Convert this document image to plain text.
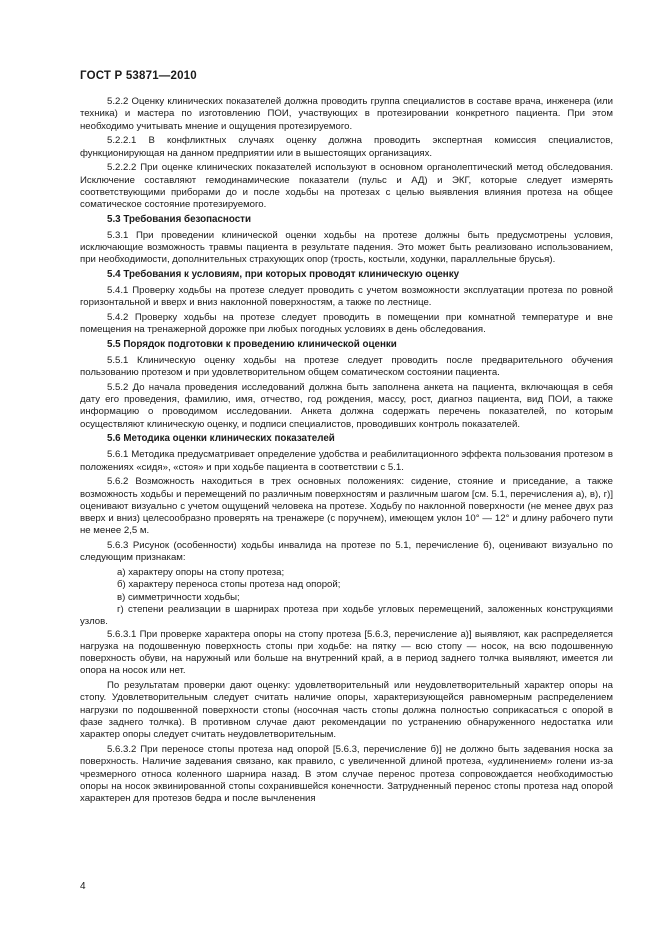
ГОСТ Р 53871—2010

5.2.2 Оценку клинических показателей должна проводить группа специалистов в составе врача, инженера (или техника) и мастера по изготовлению ПОИ, участвующих в протезировании конкретного пациента. При этом необходимо учитывать мнение и ощущения протезируемого.

5.2.2.1 В конфликтных случаях оценку должна проводить экспертная комиссия специалистов, функционирующая на данном предприятии или в вышестоящих организациях.

5.2.2.2 При оценке клинических показателей используют в основном органолептический метод обследования. Исключение составляют гемодинамические показатели (пульс и АД) и ЭКГ, которые следует измерять соответствующими приборами до и после ходьбы на протезах с целью выявления влияния протеза на общее соматическое состояние протезируемого.

5.3 Требования безопасности

5.3.1 При проведении клинической оценки ходьбы на протезе должны быть предусмотрены условия, исключающие возможность травмы пациента в результате падения. Это может быть реализовано использованием, при необходимости, дополнительных страхующих опор (трость, костыли, ходунки, параллельные брусья).

5.4 Требования к условиям, при которых проводят клиническую оценку

5.4.1 Проверку ходьбы на протезе следует проводить с учетом возможности эксплуатации протеза по ровной горизонтальной и вверх и вниз наклонной поверхностям, а также по лестнице.

5.4.2 Проверку ходьбы на протезе следует проводить в помещении при комнатной температуре и вне помещения на тренажерной дорожке при любых погодных условиях в день обследования.

5.5 Порядок подготовки к проведению клинической оценки

5.5.1 Клиническую оценку ходьбы на протезе следует проводить после предварительного обучения пользованию протезом и при удовлетворительном общем соматическом состоянии пациента.

5.5.2 До начала проведения исследований должна быть заполнена анкета на пациента, включающая в себя дату его проведения, фамилию, имя, отчество, год рождения, массу, рост, диагноз пациента, вид ПОИ, а также информацию о проводимом исследовании. Анкета должна содержать перечень показателей, по которым осуществляют клиническую оценку, и подписи специалистов, проводивших контроль показателей.

5.6 Методика оценки клинических показателей

5.6.1 Методика предусматривает определение удобства и реабилитационного эффекта пользования протезом в положениях «сидя», «стоя» и при ходьбе пациента в соответствии с 5.1.

5.6.2 Возможность находиться в трех основных положениях: сидение, стояние и приседание, а также возможность ходьбы и перемещений по различным поверхностям и различным шагом [см. 5.1, перечисления а), в), г)] оценивают визуально с учетом ощущений человека на протезе. Ходьбу по наклонной поверхности (не менее двух раз вверх и вниз) целесообразно проверять на тренажере (с поручнем), имеющем уклон 10° — 12° и длину рабочего пути не менее 2,5 м.

5.6.3 Рисунок (особенности) ходьбы инвалида на протезе по 5.1, перечисление б), оценивают визуально по следующим признакам:

а) характеру опоры на стопу протеза;

б) характеру переноса стопы протеза над опорой;

в) симметричности ходьбы;

г) степени реализации в шарнирах протеза при ходьбе угловых перемещений, заложенных конструкциями узлов.

5.6.3.1 При проверке характера опоры на стопу протеза [5.6.3, перечисление а)] выявляют, как распределяется нагрузка на подошвенную поверхность стопы при ходьбе: на пятку — всю стопу — носок, на всю подошвенную поверхность обуви, на наружный или больше на внутренний край, а в период заднего толчка выявляют, имеется ли опора на носок или нет.

По результатам проверки дают оценку: удовлетворительный или неудовлетворительный характер опоры на стопу. Удовлетворительным следует считать наличие опоры, характеризующейся равномерным распределением нагрузки по подошвенной поверхности стопы (носочная часть стопы должна полностью соприкасаться с опорой в фазе заднего толчка). В противном случае дают рекомендации по устранению обнаруженного недостатка или характер опоры следует считать неудовлетворительным.

5.6.3.2 При переносе стопы протеза над опорой [5.6.3, перечисление б)] не должно быть задевания носка за поверхность. Наличие задевания связано, как правило, с увеличенной длиной протеза, «удлинением» голени из-за чрезмерного относа коленного шарнира назад. В этом случае перенос протеза сопровождается необходимостью опоры на носок эквинированной стопы сохранившейся конечности. Затрудненный перенос стопы протеза над опорой характерен для протезов бедра и после вычленения

4
